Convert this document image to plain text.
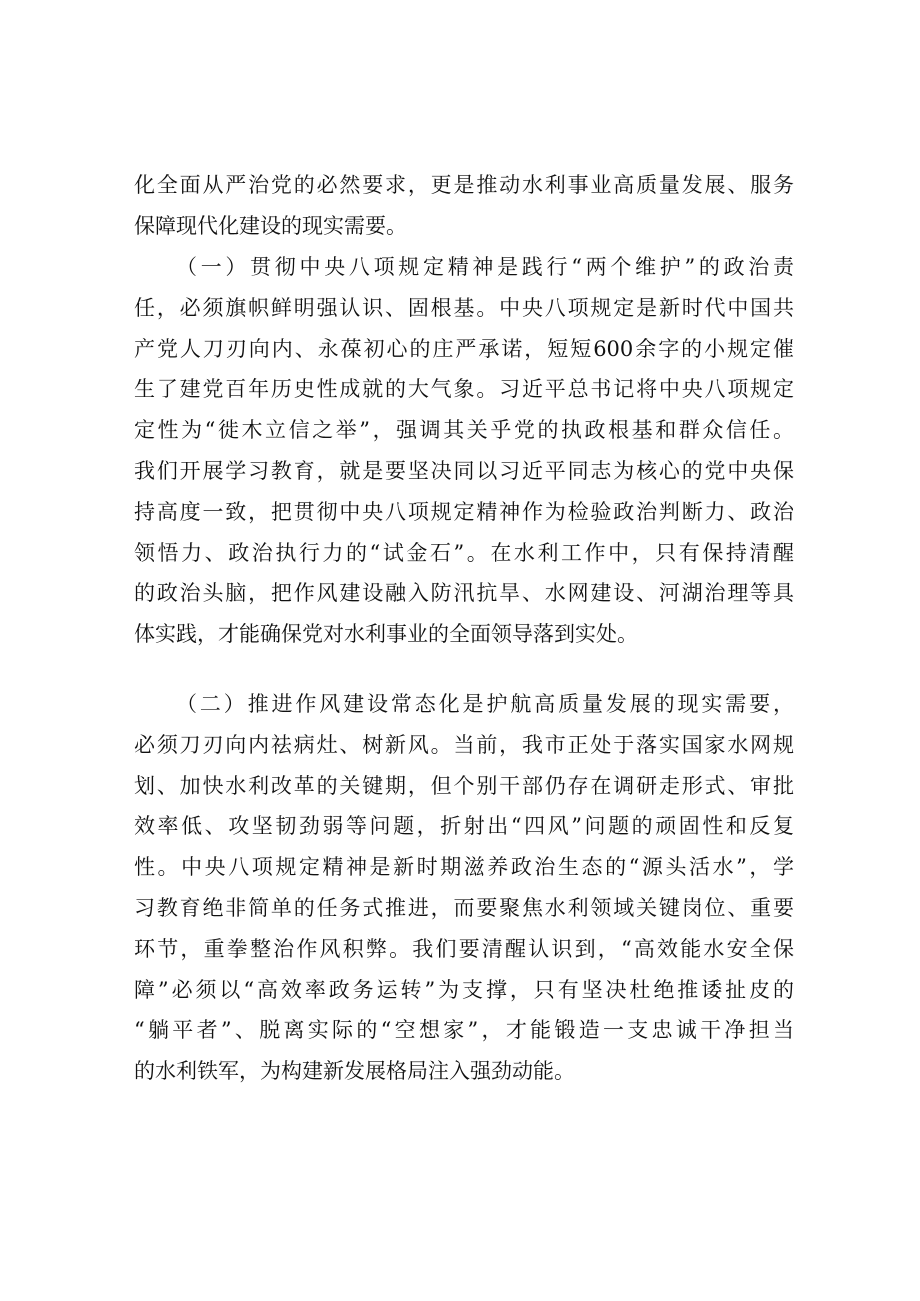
化全面从严治党的必然要求，更是推动水利事业高质量发展、服务
保障现代化建设的现实需要。
（一）贯彻中央八项规定精神是践行“两个维护”的政治责
任，必须旗帜鲜明强认识、固根基。中央八项规定是新时代中国共
产党人刀刃向内、永葆初心的庄严承诺，短短600余字的小规定催
生了建党百年历史性成就的大气象。习近平总书记将中央八项规定
定性为“徙木立信之举”，强调其关乎党的执政根基和群众信任。
我们开展学习教育，就是要坚决同以习近平同志为核心的党中央保
持高度一致，把贯彻中央八项规定精神作为检验政治判断力、政治
领悟力、政治执行力的“试金石”。在水利工作中，只有保持清醒
的政治头脑，把作风建设融入防汛抗旱、水网建设、河湖治理等具
体实践，才能确保党对水利事业的全面领导落到实处。
（二）推进作风建设常态化是护航高质量发展的现实需要，
必须刀刃向内祛病灶、树新风。当前，我市正处于落实国家水网规
划、加快水利改革的关键期，但个别干部仍存在调研走形式、审批
效率低、攻坚韧劲弱等问题，折射出“四风”问题的顽固性和反复
性。中央八项规定精神是新时期滋养政治生态的“源头活水”，学
习教育绝非简单的任务式推进，而要聚焦水利领域关键岗位、重要
环节，重拳整治作风积弊。我们要清醒认识到，“高效能水安全保
障”必须以“高效率政务运转”为支撑，只有坚决杜绝推诿扯皮的
“躺平者”、脱离实际的“空想家”，才能锻造一支忠诚干净担当
的水利铁军，为构建新发展格局注入强劲动能。
